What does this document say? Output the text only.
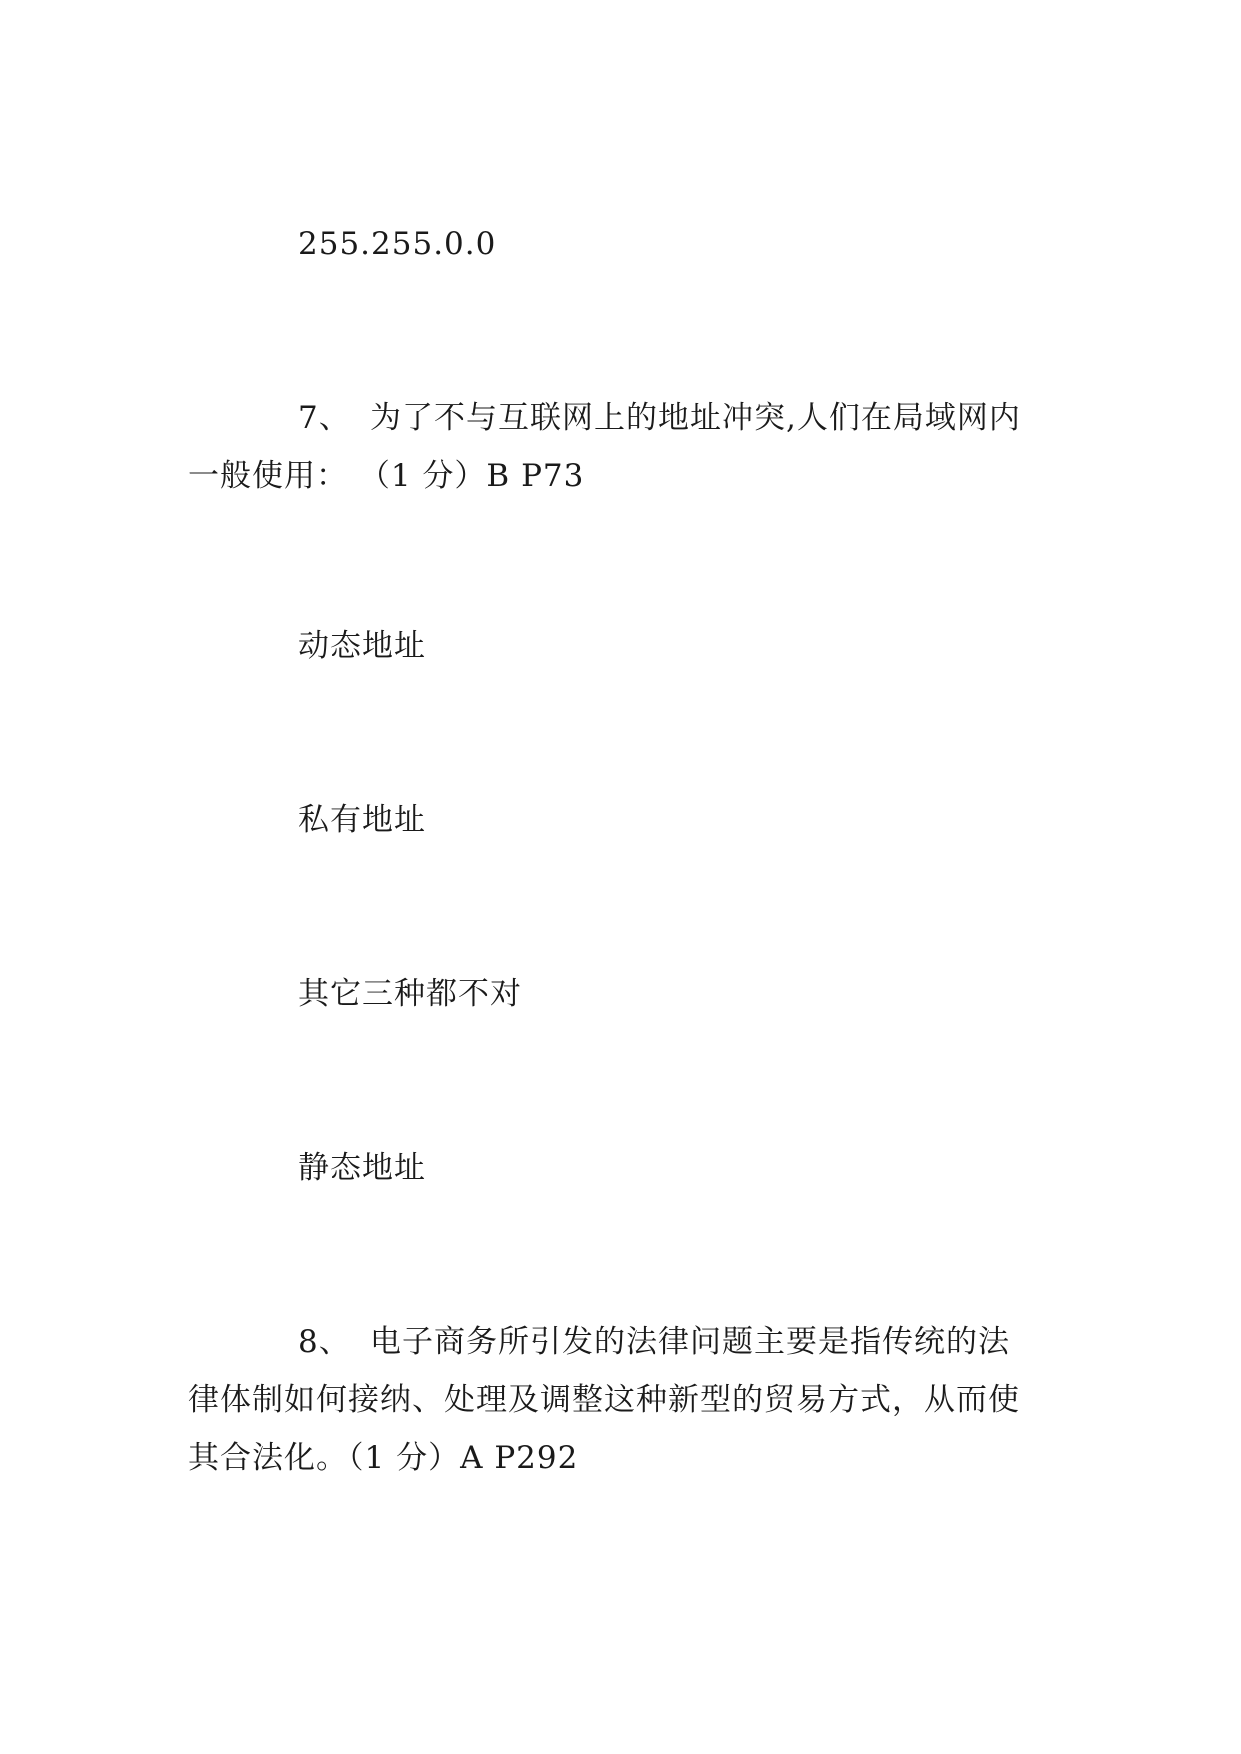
255.255.0.0
7、 为了不与互联网上的地址冲突,人们在局域网内
一般使用： （1 分）B P73
动态地址
私有地址
其它三种都不对
静态地址
8、 电子商务所引发的法律问题主要是指传统的法
律体制如何接纳、处理及调整这种新型的贸易方式，从而使
其合法化。（1 分）A P292
